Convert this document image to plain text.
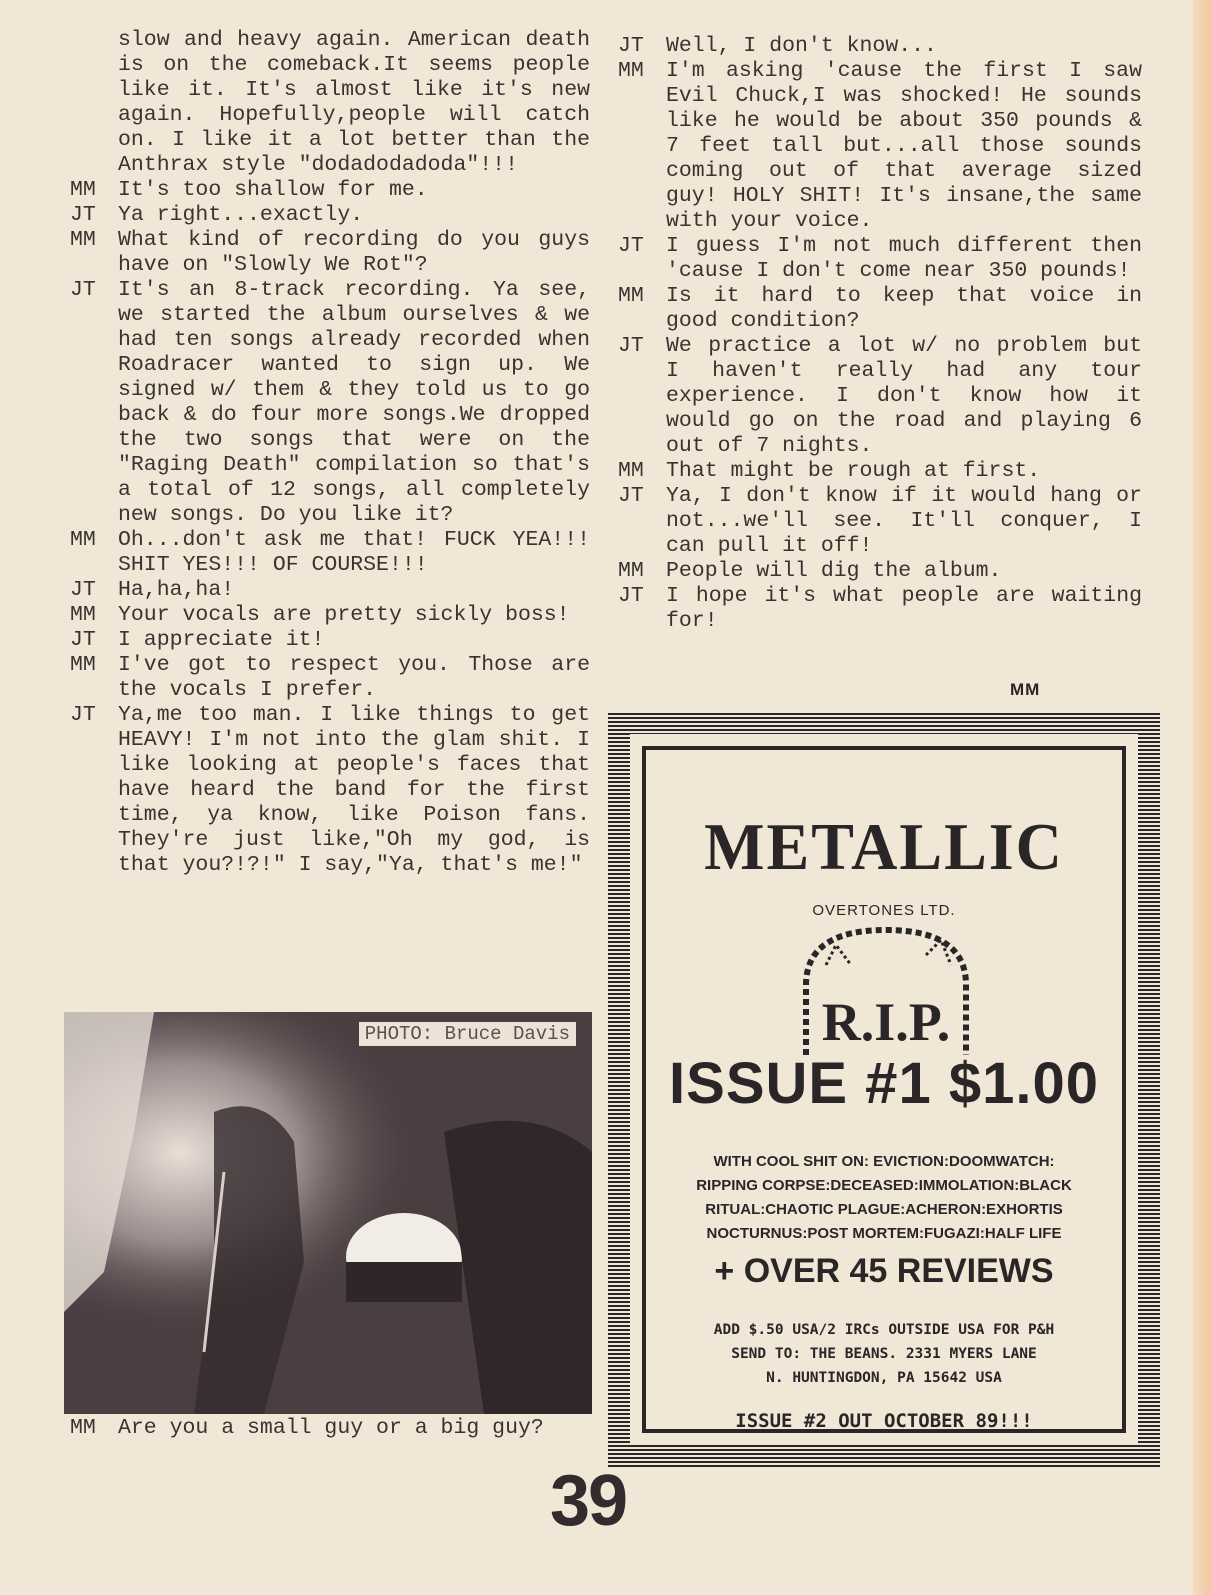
slow and heavy again. American death is on the comeback.It seems people like it. It's almost like it's new again. Hopefully,people will catch on. I like it a lot better than the Anthrax style "dodadodadoda"!!!
MM It's too shallow for me.
JT Ya right...exactly.
MM What kind of recording do you guys have on "Slowly We Rot"?
JT It's an 8-track recording. Ya see, we started the album ourselves & we had ten songs already recorded when Roadracer wanted to sign up. We signed w/ them & they told us to go back & do four more songs.We dropped the two songs that were on the "Raging Death" compilation so that's a total of 12 songs, all completely new songs. Do you like it?
MM Oh...don't ask me that! FUCK YEA!!! SHIT YES!!! OF COURSE!!!
JT Ha,ha,ha!
MM Your vocals are pretty sickly boss!
JT I appreciate it!
MM I've got to respect you. Those are the vocals I prefer.
JT Ya,me too man. I like things to get HEAVY! I'm not into the glam shit. I like looking at people's faces that have heard the band for the first time, ya know, like Poison fans. They're just like,"Oh my god, is that you?!?!" I say,"Ya, that's me!"
JT Well, I don't know...
MM I'm asking 'cause the first I saw Evil Chuck,I was shocked! He sounds like he would be about 350 pounds & 7 feet tall but...all those sounds coming out of that average sized guy! HOLY SHIT! It's insane,the same with your voice.
JT I guess I'm not much different then 'cause I don't come near 350 pounds!
MM Is it hard to keep that voice in good condition?
JT We practice a lot w/ no problem but I haven't really had any tour experience. I don't know how it would go on the road and playing 6 out of 7 nights.
MM That might be rough at first.
JT Ya, I don't know if it would hang or not...we'll see. It'll conquer, I can pull it off!
MM People will dig the album.
JT I hope it's what people are waiting for!
MM
PHOTO: Bruce Davis
MM Are you a small guy or a big guy?
METALLIC
OVERTONES LTD.
R.I.P.
ISSUE #1 $1.00
WITH COOL SHIT ON: EVICTION:DOOMWATCH:
RIPPING CORPSE:DECEASED:IMMOLATION:BLACK
RITUAL:CHAOTIC PLAGUE:ACHERON:EXHORTIS
NOCTURNUS:POST MORTEM:FUGAZI:HALF LIFE
+ OVER 45 REVIEWS
ADD $.50 USA/2 IRCs OUTSIDE USA FOR P&H
SEND TO: THE BEANS. 2331 MYERS LANE
N. HUNTINGDON, PA 15642 USA
ISSUE #2 OUT OCTOBER 89!!!
39
